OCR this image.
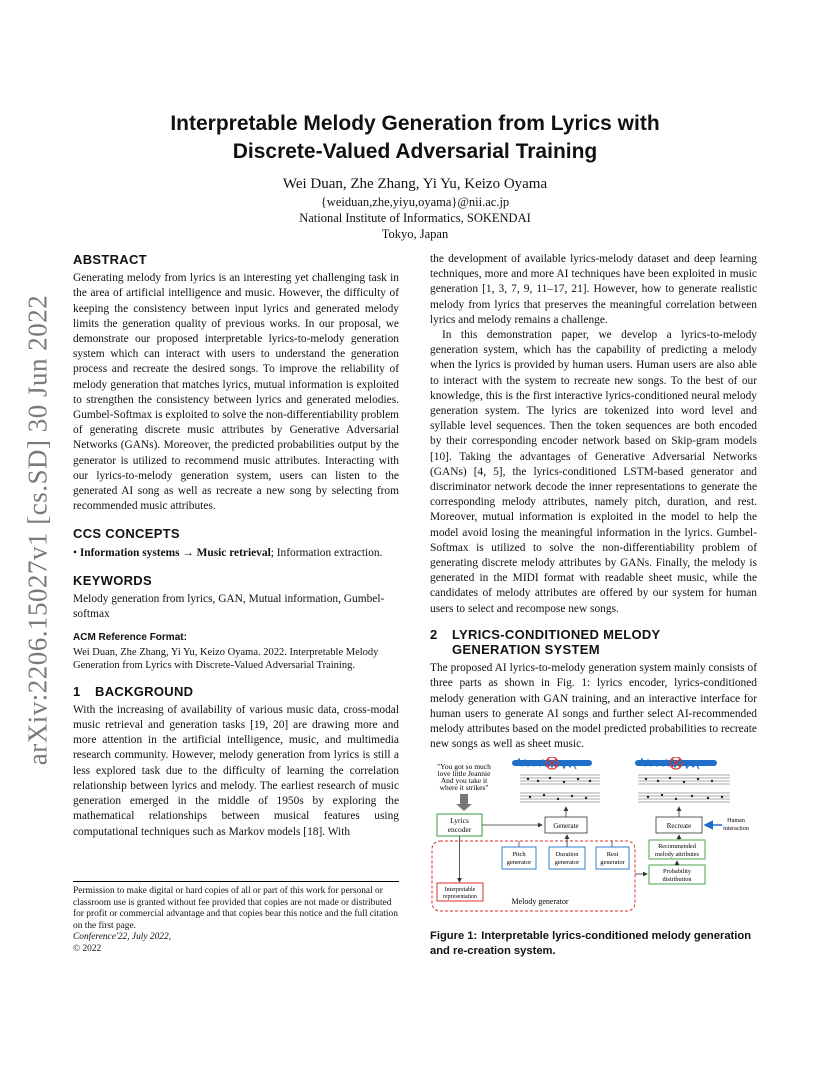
arXiv:2206.15027v1 [cs.SD] 30 Jun 2022
Interpretable Melody Generation from Lyrics with
Discrete-Valued Adversarial Training
Wei Duan, Zhe Zhang, Yi Yu, Keizo Oyama
{weiduan,zhe,yiyu,oyama}@nii.ac.jp
National Institute of Informatics, SOKENDAI
Tokyo, Japan
ABSTRACT

Generating melody from lyrics is an interesting yet challenging task in the area of artificial intelligence and music. However, the difficulty of keeping the consistency between input lyrics and generated melody limits the generation quality of previous works. In our proposal, we demonstrate our proposed interpretable lyrics-to-melody generation system which can interact with users to understand the generation process and recreate the desired songs. To improve the reliability of melody generation that matches lyrics, mutual information is exploited to strengthen the consistency between lyrics and generated melodies. Gumbel-Softmax is exploited to solve the non-differentiability problem of generating discrete music attributes by Generative Adversarial Networks (GANs). Moreover, the predicted probabilities output by the generator is utilized to recommend music attributes. Interacting with our lyrics-to-melody generation system, users can listen to the generated AI song as well as recreate a new song by selecting from recommended music attributes.

CCS CONCEPTS

• Information systems → Music retrieval; Information extraction.

KEYWORDS

Melody generation from lyrics, GAN, Mutual information, Gumbel-softmax

ACM Reference Format:

Wei Duan, Zhe Zhang, Yi Yu, Keizo Oyama. 2022. Interpretable Melody Generation from Lyrics with Discrete-Valued Adversarial Training.

1 BACKGROUND

With the increasing of availability of various music data, cross-modal music retrieval and generation tasks [19, 20] are drawing more and more attention in the artificial intelligence, music, and multimedia research community. However, melody generation from lyrics is still a less explored task due to the difficulty of learning the correlation relationship between lyrics and melody. The earliest research of music generation emerged in the middle of 1950s by exploring the mathematical relationships between musical features using computational techniques such as Markov models [18]. With

Permission to make digital or hard copies of all or part of this work for personal or classroom use is granted without fee provided that copies are not made or distributed for profit or commercial advantage and that copies bear this notice and the full citation on the first page.

Conference'22, July 2022,

© 2022

the development of available lyrics-melody dataset and deep learning techniques, more and more AI techniques have been exploited in music generation [1, 3, 7, 9, 11–17, 21]. However, how to generate realistic melody from lyrics that preserves the meaningful correlation between lyrics and melody remains a challenge.

In this demonstration paper, we develop a lyrics-to-melody generation system, which has the capability of predicting a melody when the lyrics is provided by human users. Human users are also able to interact with the system to recreate new songs. To the best of our knowledge, this is the first interactive lyrics-conditioned neural melody generation system. The lyrics are tokenized into word level and syllable level sequences. Then the token sequences are both encoded by their corresponding encoder network based on Skip-gram models [10]. Taking the advantages of Generative Adversarial Networks (GANs) [4, 5], the lyrics-conditioned LSTM-based generator and discriminator network decode the inner representations to generate the corresponding melody attributes, namely pitch, duration, and rest. Moreover, mutual information is exploited in the model to help the model avoid losing the meaningful information in the lyrics. Gumbel-Softmax is utilized to solve the non-differentiability problem of generating discrete melody attributes by GANs. Finally, the melody is generated in the MIDI format with readable sheet music, while the candidates of melody attributes are offered by our system for human users to select and recompose new songs.

2 LYRICS-CONDITIONED MELODY
GENERATION SYSTEM

The proposed AI lyrics-to-melody generation system mainly consists of three parts as shown in Fig. 1: lyrics encoder, lyrics-conditioned melody generation with GAN training, and an interactive interface for human users to generate AI songs and further select AI-recommended melody attributes based on the model predicted probabilities to recreate new songs as well as sheet music.

"You got so much
love little Jeannie
And you take it
where it strikes"
Lyrics
encoder	Generate	Recreate
Human
interaction
Pitch
generator
Duration
generator
Rest
generator
Interpretable
representation	Melody generator
Recommended
melody attributes
Probability
distribution
Figure 1: Interpretable lyrics-conditioned melody generation and re-creation system.
